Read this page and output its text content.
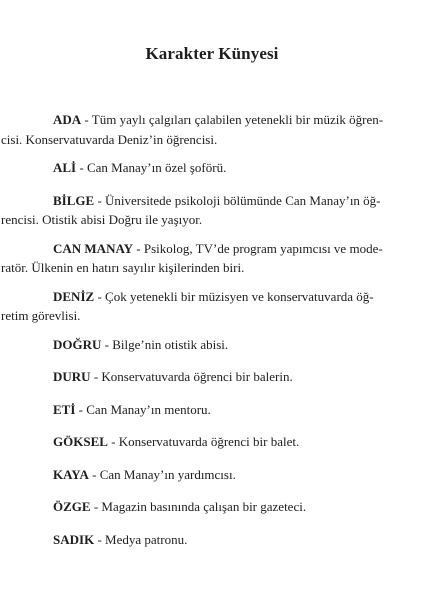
Karakter Künyesi

ADA - Tüm yaylı çalgıları çalabilen yetenekli bir müzik öğren-
cisi. Konservatuvarda Deniz’in öğrencisi.

ALİ - Can Manay’ın özel şoförü.

BİLGE - Üniversitede psikoloji bölümünde Can Manay’ın öğ-
rencisi. Otistik abisi Doğru ile yaşıyor.

CAN MANAY - Psikolog, TV’de program yapımcısı ve mode-
ratör. Ülkenin en hatırı sayılır kişilerinden biri.

DENİZ - Çok yetenekli bir müzisyen ve konservatuvarda öğ-
retim görevlisi.

DOĞRU - Bilge’nin otistik abisi.

DURU - Konservatuvarda öğrenci bir balerin.

ETİ - Can Manay’ın mentoru.

GÖKSEL - Konservatuvarda öğrenci bir balet.

KAYA - Can Manay’ın yardımcısı.

ÖZGE - Magazin basınında çalışan bir gazeteci.

SADIK - Medya patronu.
